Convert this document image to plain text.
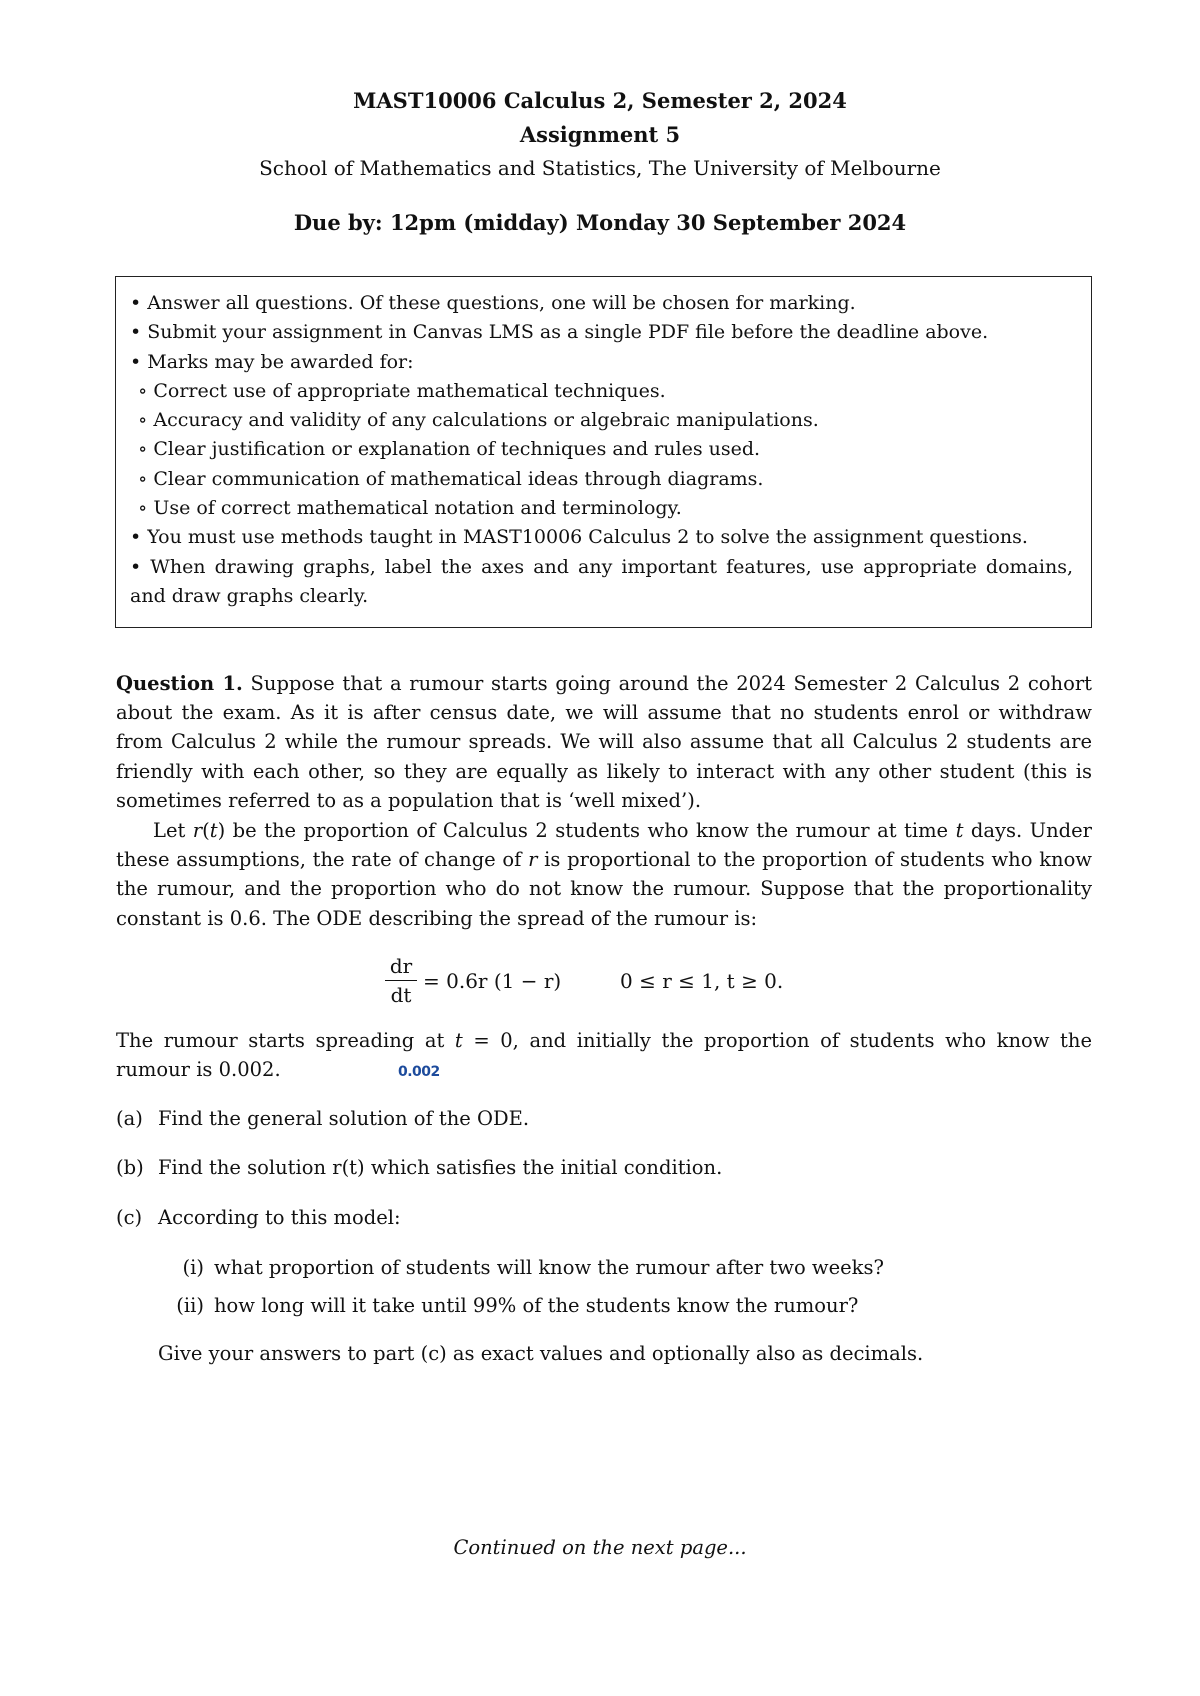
MAST10006 Calculus 2, Semester 2, 2024
Assignment 5
School of Mathematics and Statistics, The University of Melbourne
Due by: 12pm (midday) Monday 30 September 2024
• Answer all questions. Of these questions, one will be chosen for marking.
• Submit your assignment in Canvas LMS as a single PDF file before the deadline above.
• Marks may be awarded for:
∘ Correct use of appropriate mathematical techniques.
∘ Accuracy and validity of any calculations or algebraic manipulations.
∘ Clear justification or explanation of techniques and rules used.
∘ Clear communication of mathematical ideas through diagrams.
∘ Use of correct mathematical notation and terminology.
• You must use methods taught in MAST10006 Calculus 2 to solve the assignment questions.
• When drawing graphs, label the axes and any important features, use appropriate domains, and draw graphs clearly.
Question 1. Suppose that a rumour starts going around the 2024 Semester 2 Calculus 2 cohort about the exam. As it is after census date, we will assume that no students enrol or withdraw from Calculus 2 while the rumour spreads. We will also assume that all Calculus 2 students are friendly with each other, so they are equally as likely to interact with any other student (this is sometimes referred to as a population that is ‘well mixed’).
Let r(t) be the proportion of Calculus 2 students who know the rumour at time t days. Under these assumptions, the rate of change of r is proportional to the proportion of students who know the rumour, and the proportion who do not know the rumour. Suppose that the proportionality constant is 0.6. The ODE describing the spread of the rumour is:
dr
dt
= 0.6r (1 − r)	0 ≤ r ≤ 1, t ≥ 0.
The rumour starts spreading at t = 0, and initially the proportion of students who know the rumour is 0.002.	0.002
(a) Find the general solution of the ODE.
(b) Find the solution r(t) which satisfies the initial condition.
(c) According to this model:
(i) what proportion of students will know the rumour after two weeks?
(ii) how long will it take until 99% of the students know the rumour?
Give your answers to part (c) as exact values and optionally also as decimals.
Continued on the next page...
